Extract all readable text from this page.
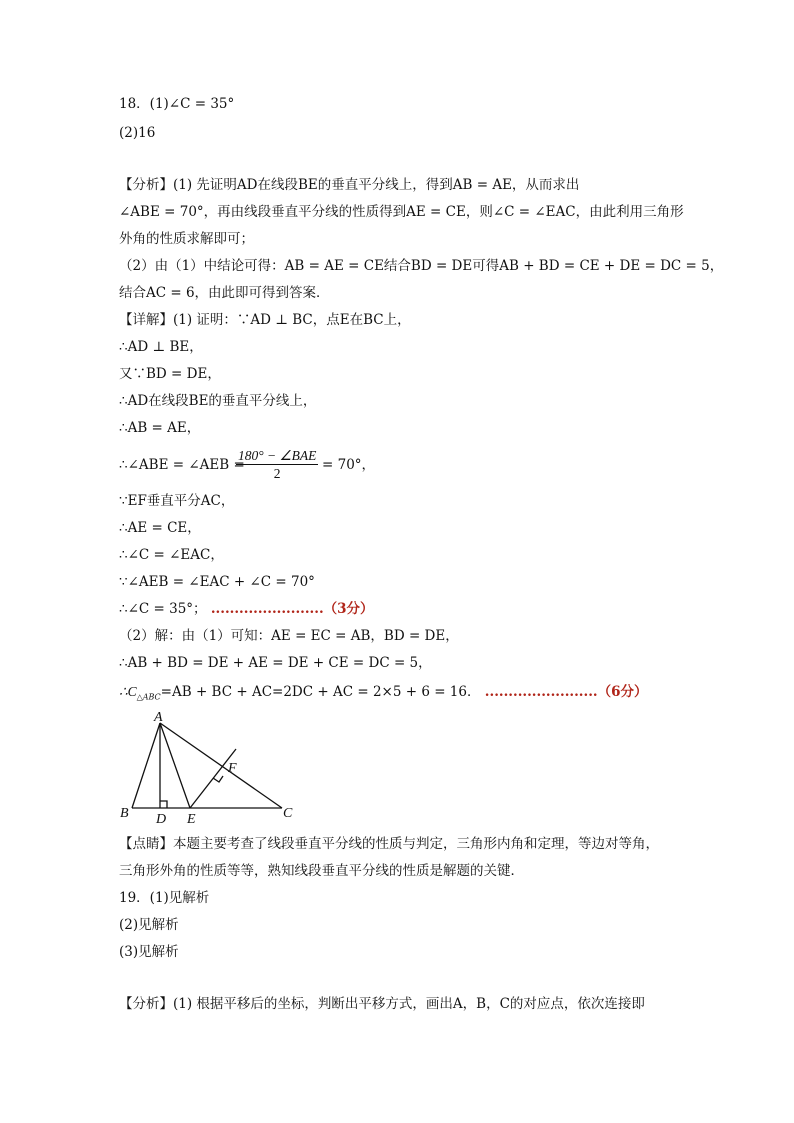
18．(1)∠C = 35°
(2)16
【分析】(1) 先证明AD在线段BE的垂直平分线上，得到AB = AE，从而求出
∠ABE = 70°，再由线段垂直平分线的性质得到AE = CE，则∠C = ∠EAC，由此利用三角形
外角的性质求解即可；
（2）由（1）中结论可得：AB = AE = CE结合BD = DE可得AB + BD = CE + DE = DC = 5，
结合AC = 6，由此即可得到答案．
【详解】(1) 证明：∵AD ⊥ BC，点E在BC上，
∴AD ⊥ BE，
又∵BD = DE，
∴AD在线段BE的垂直平分线上，
∴AB = AE，
∴∠ABE = ∠AEB =
180° − ∠BAE
2
= 70°，
∵EF垂直平分AC，
∴AE = CE，
∴∠C = ∠EAC，
∵∠AEB = ∠EAC + ∠C = 70°
∴∠C = 35°； ........................（3分）
（2）解：由（1）可知：AE = EC = AB，BD = DE，
∴AB + BD = DE + AE = DE + CE = DC = 5，
$\therefore C_{\triangle ABC}=AB$ + BC + AC=2DC + AC = 2×5 + 6 = 16． ........................（6分）
A
B	C
D E
F
【点睛】本题主要考查了线段垂直平分线的性质与判定，三角形内角和定理，等边对等角，
三角形外角的性质等等，熟知线段垂直平分线的性质是解题的关键．
19．(1)见解析
(2)见解析
(3)见解析
【分析】(1) 根据平移后的坐标，判断出平移方式，画出A，B，C的对应点，依次连接即
